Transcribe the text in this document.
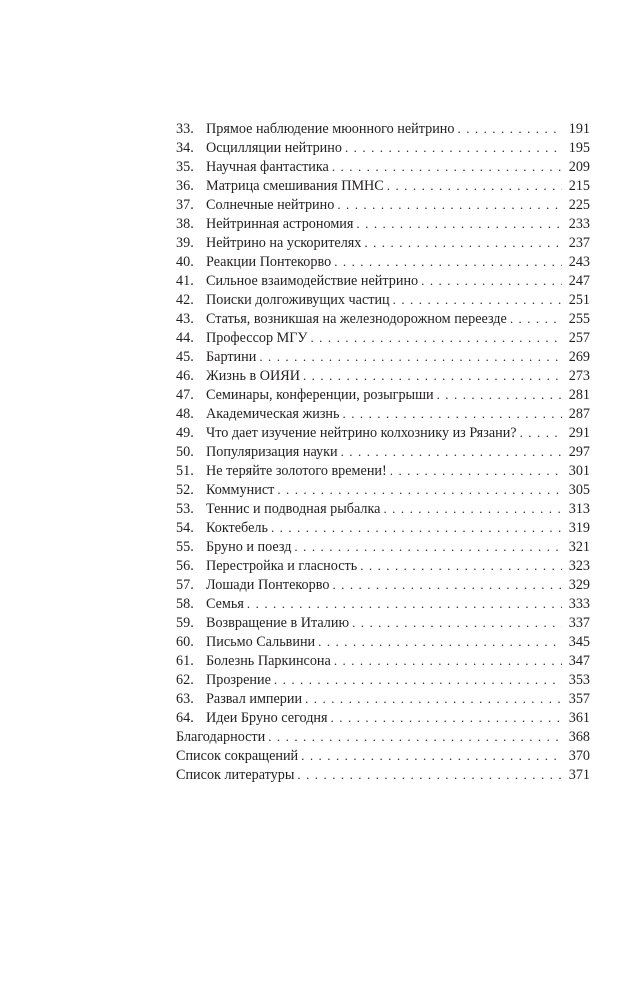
33. Прямое наблюдение мюонного нейтрино . . .	191
34. Осцилляции нейтрино . . .	195
35. Научная фантастика . . .	209
36. Матрица смешивания ПМНС . . .	215
37. Солнечные нейтрино . . .	225
38. Нейтринная астрономия . . .	233
39. Нейтрино на ускорителях . . .	237
40. Реакции Понтекорво . . .	243
41. Сильное взаимодействие нейтрино . . .	247
42. Поиски долгоживущих частиц . . .	251
43. Статья, возникшая на железнодорожном переезде . . .	255
44. Профессор МГУ . . .	257
45. Бартини . . .	269
46. Жизнь в ОИЯИ . . .	273
47. Семинары, конференции, розыгрыши . . .	281
48. Академическая жизнь . . .	287
49. Что дает изучение нейтрино колхознику из Рязани? . . .	291
50. Популяризация науки . . .	297
51. Не теряйте золотого времени! . . .	301
52. Коммунист . . .	305
53. Теннис и подводная рыбалка . . .	313
54. Коктебель . . .	319
55. Бруно и поезд . . .	321
56. Перестройка и гласность . . .	323
57. Лошади Понтекорво . . .	329
58. Семья . . .	333
59. Возвращение в Италию . . .	337
60. Письмо Сальвини . . .	345
61. Болезнь Паркинсона . . .	347
62. Прозрение . . .	353
63. Развал империи . . .	357
64. Идеи Бруно сегодня . . .	361
Благодарности . . .	368
Список сокращений . . .	370
Список литературы . . .	371
